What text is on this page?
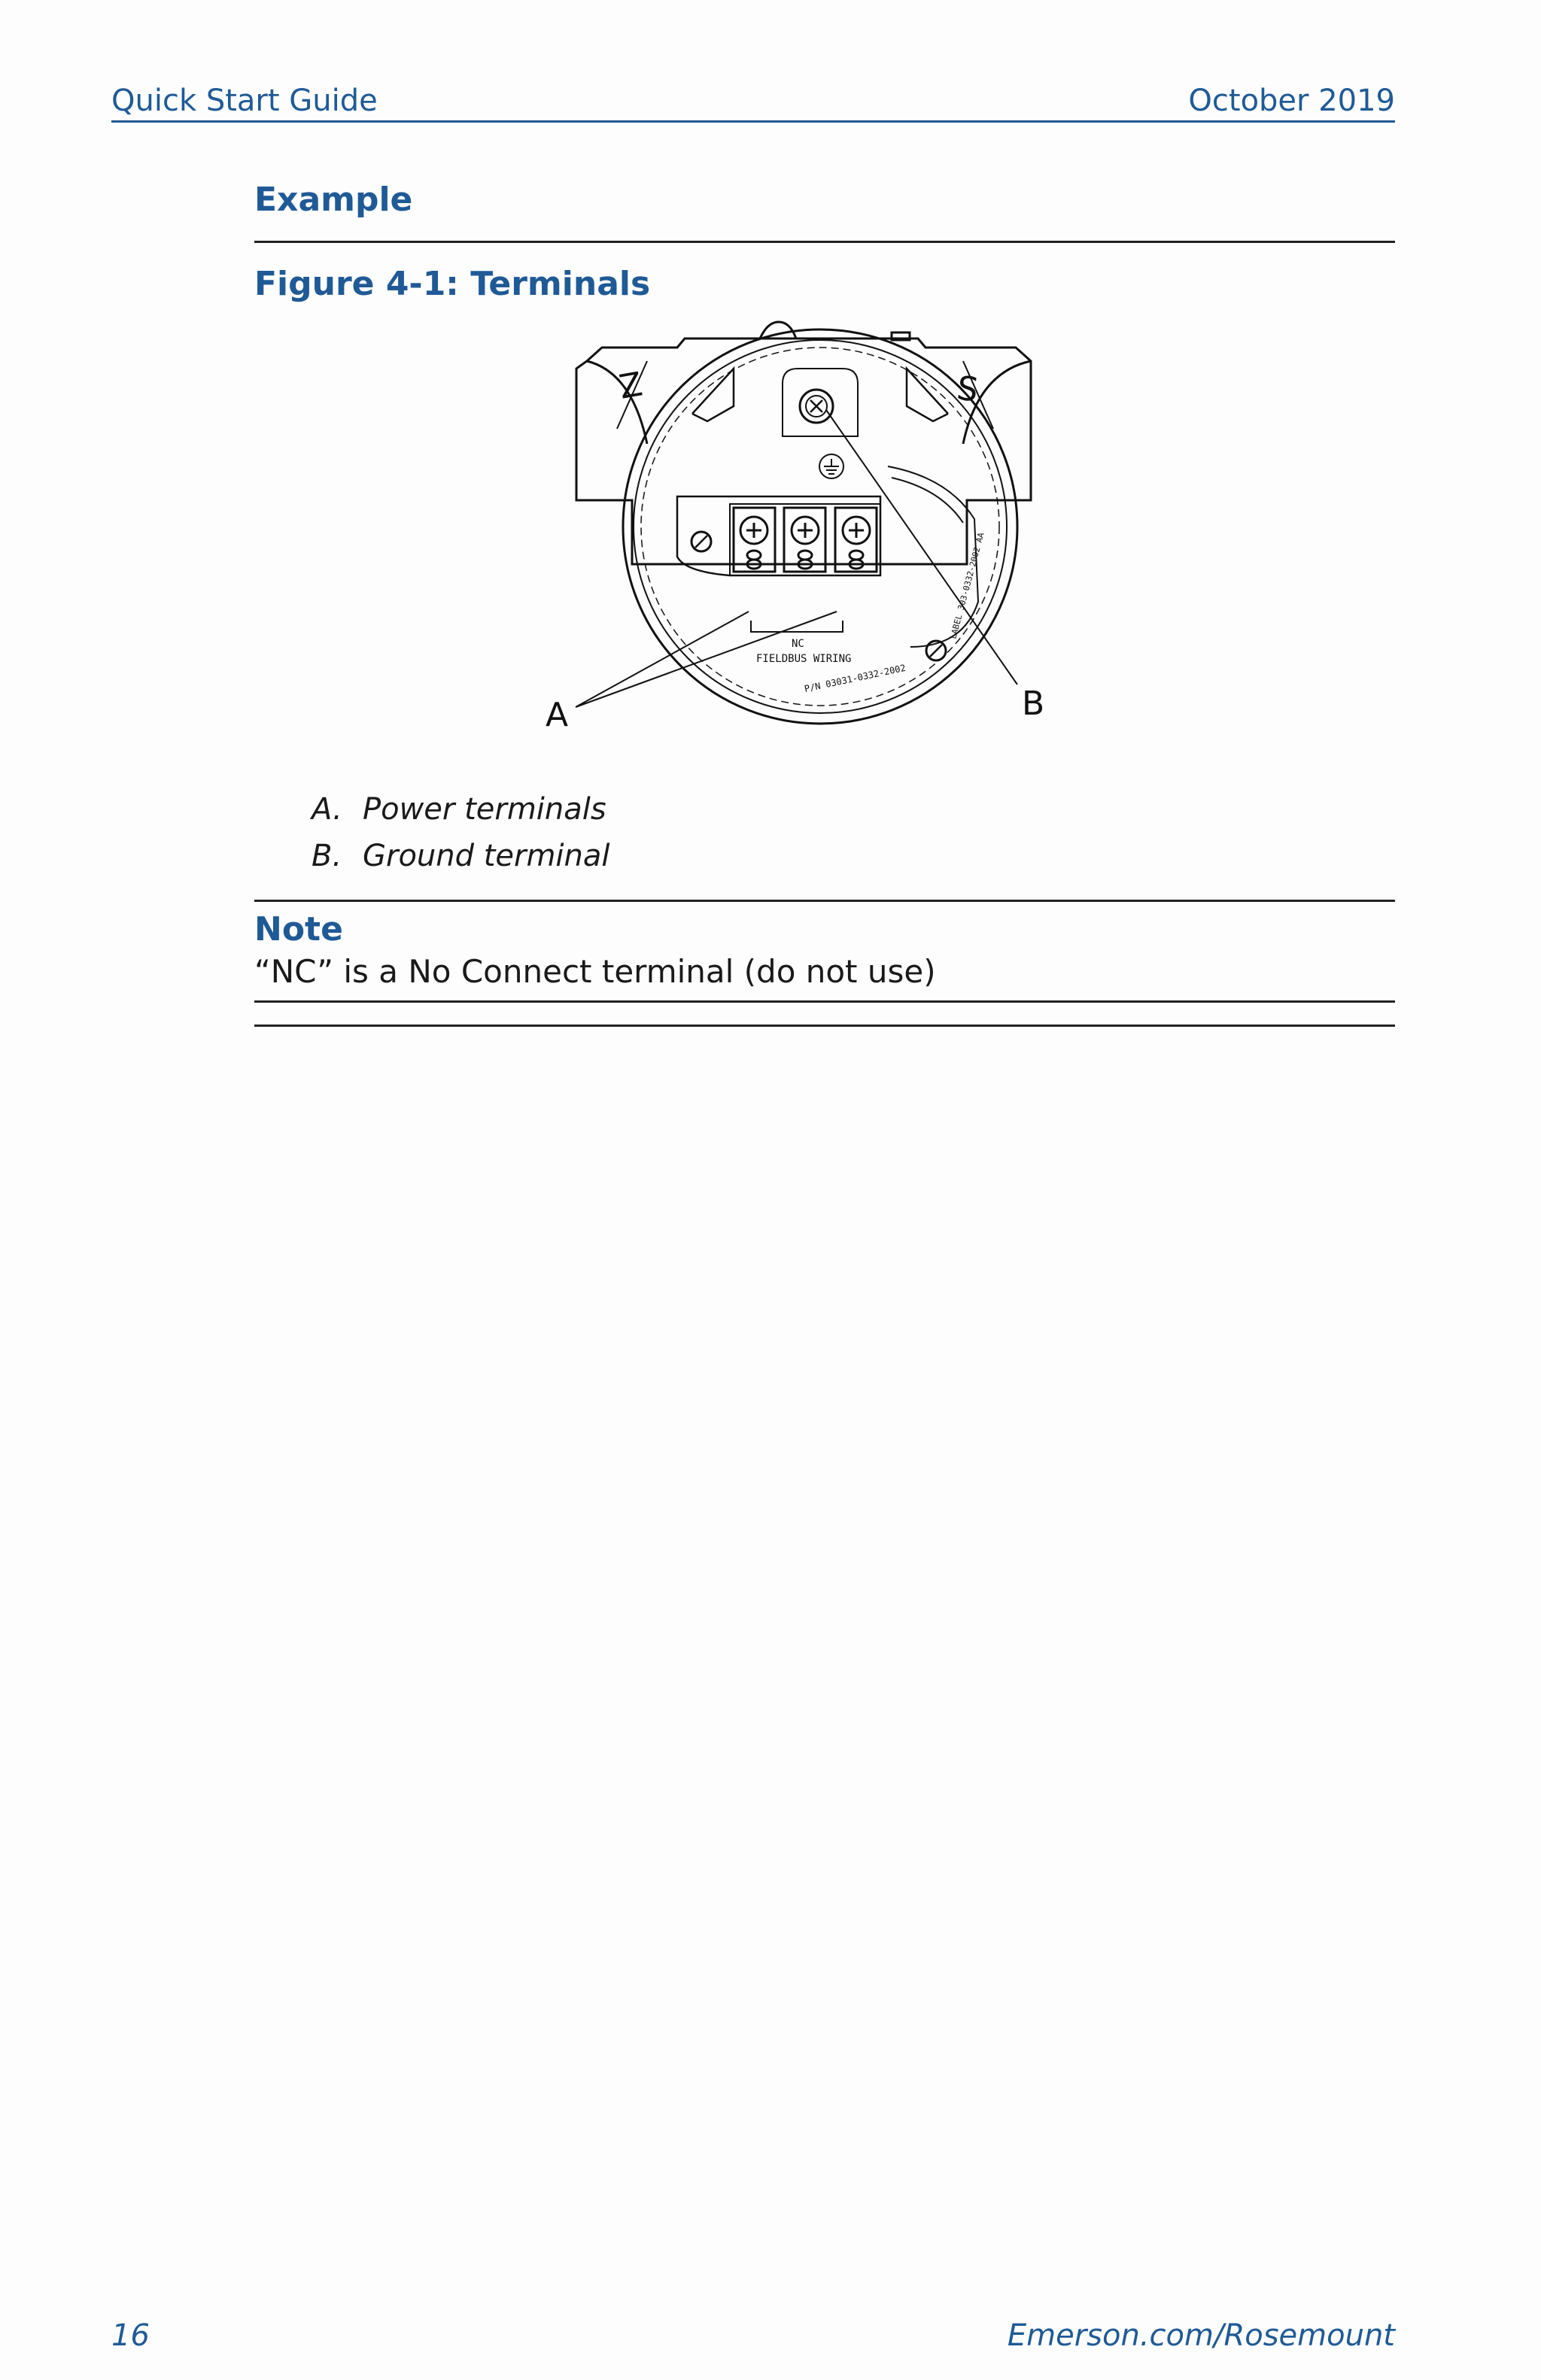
Quick Start Guide	October 2019
Example
Figure 4-1: Terminals
Z	S
NC
FIELDBUS WIRING
P/N 03031-0332-2002
LABEL 303-0332-2002 AA
A	B
A. Power terminals
B. Ground terminal
Note
“NC” is a No Connect terminal (do not use)
16	Emerson.com/Rosemount
